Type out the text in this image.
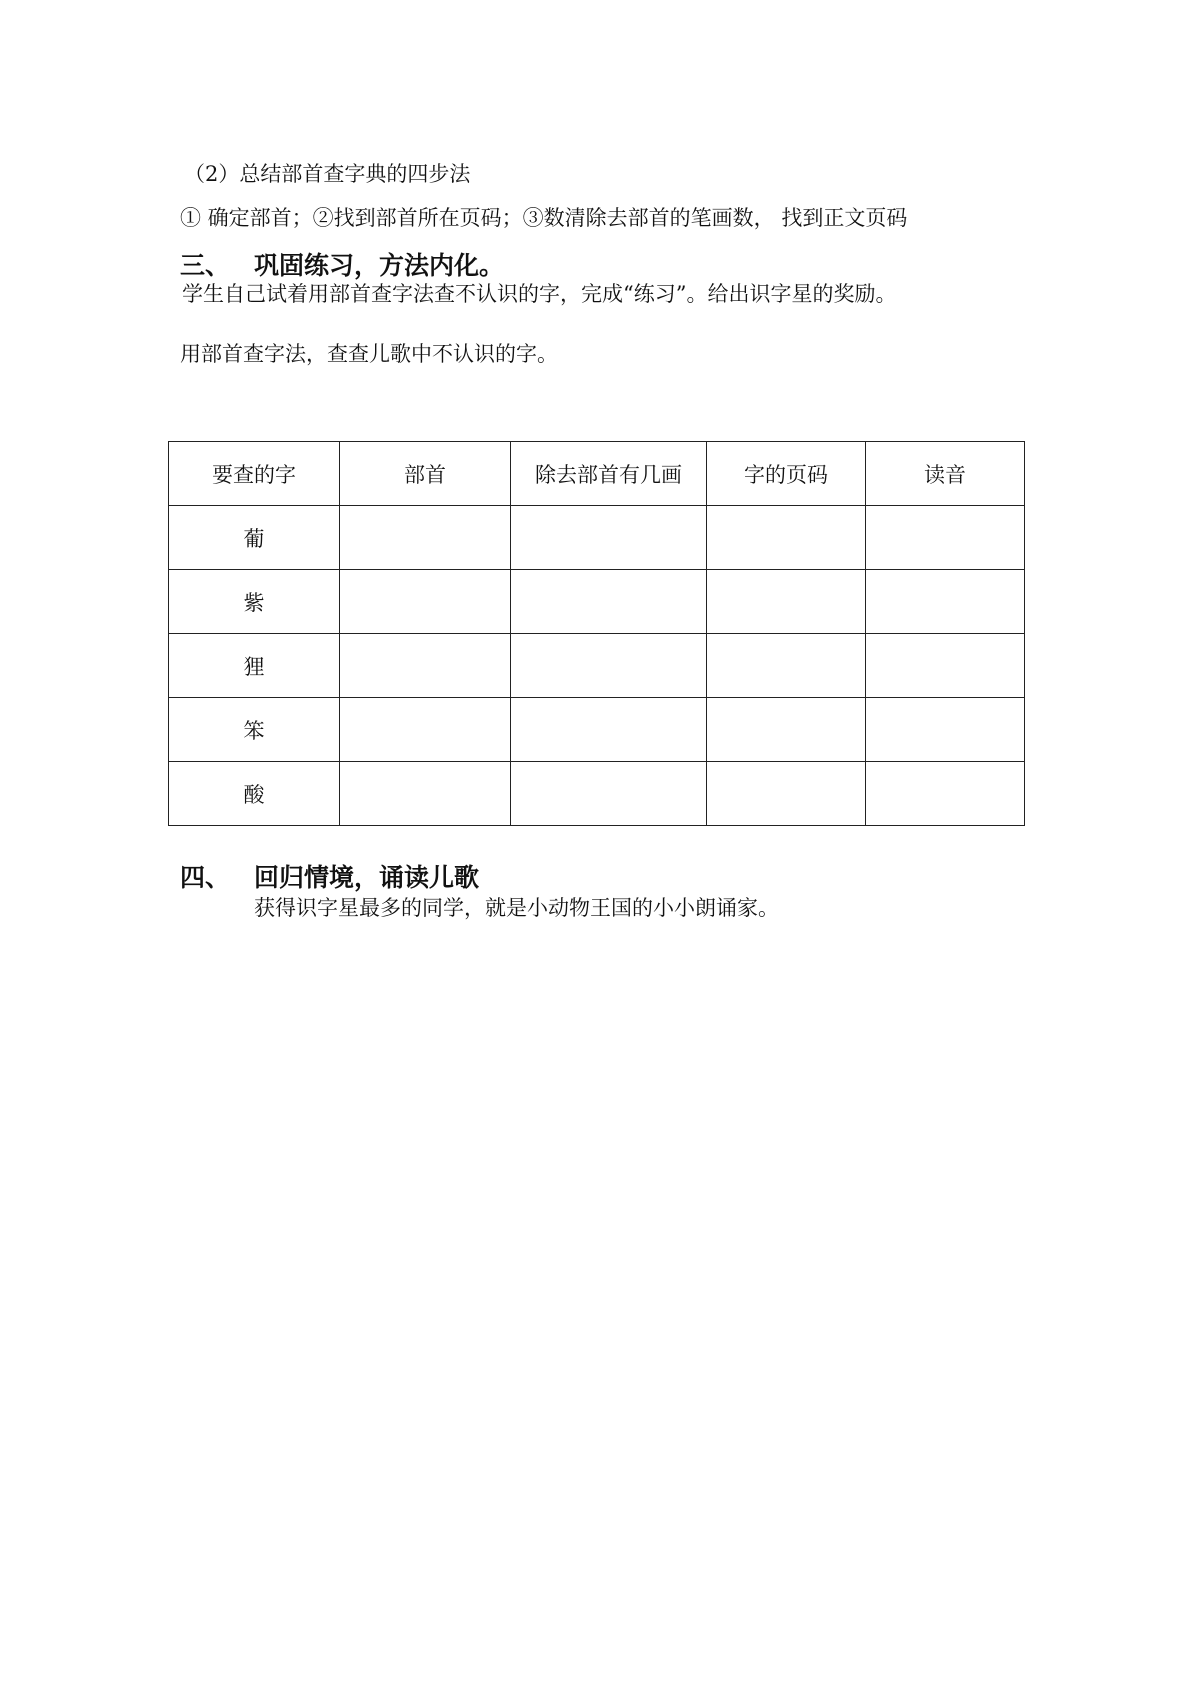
（2）总结部首查字典的四步法
① 确定部首；②找到部首所在页码；③数清除去部首的笔画数， 找到正文页码
三、 巩固练习，方法内化。
学生自己试着用部首查字法查不认识的字，完成“练习”。给出识字星的奖励。
用部首查字法，查查儿歌中不认识的字。
要查的字	部首	除去部首有几画	字的页码	读音
葡				
紫				
狸				
笨				
酸				
四、 回归情境，诵读儿歌
获得识字星最多的同学，就是小动物王国的小小朗诵家。
